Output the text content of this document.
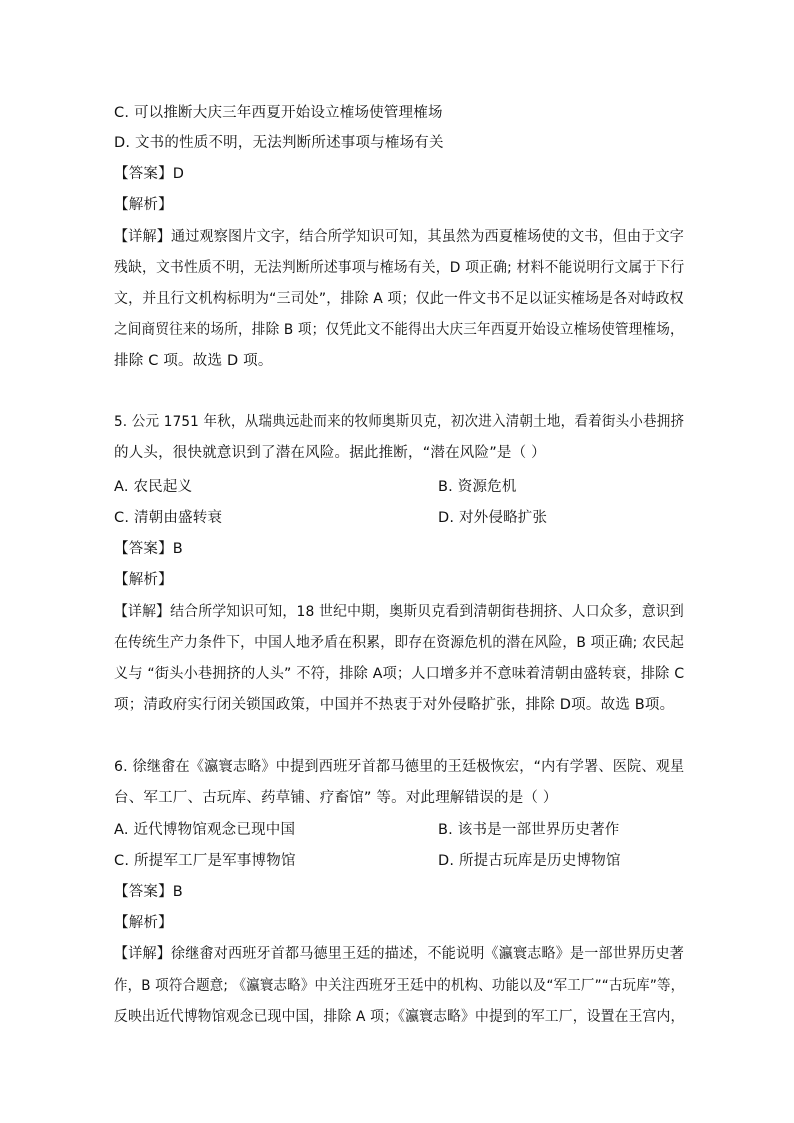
C. 可以推断大庆三年西夏开始设立榷场使管理榷场
D. 文书的性质不明，无法判断所述事项与榷场有关
【答案】D
【解析】
【详解】通过观察图片文字，结合所学知识可知，其虽然为西夏榷场使的文书，但由于文字
残缺，文书性质不明，无法判断所述事项与榷场有关，D 项正确; 材料不能说明行文属于下行
文，并且行文机构标明为“三司处”，排除 A 项；仅此一件文书不足以证实榷场是各对峙政权
之间商贸往来的场所，排除 B 项；仅凭此文不能得出大庆三年西夏开始设立榷场使管理榷场，
排除 C 项。故选 D 项。
5. 公元 1751 年秋，从瑞典远赴而来的牧师奥斯贝克，初次进入清朝土地，看着街头小巷拥挤
的人头，很快就意识到了潜在风险。据此推断，“潜在风险”是（ ）
A. 农民起义	B. 资源危机
C. 清朝由盛转衰	D. 对外侵略扩张
【答案】B
【解析】
【详解】结合所学知识可知，18 世纪中期，奥斯贝克看到清朝街巷拥挤、人口众多，意识到
在传统生产力条件下，中国人地矛盾在积累，即存在资源危机的潜在风险，B 项正确; 农民起
义与 “街头小巷拥挤的人头” 不符，排除 A项；人口增多并不意味着清朝由盛转衰，排除 C
项；清政府实行闭关锁国政策，中国并不热衷于对外侵略扩张，排除 D项。故选 B项。
6. 徐继畬在《瀛寰志略》中提到西班牙首都马德里的王廷极恢宏，“内有学署、医院、观星
台、军工厂、古玩库、药草铺、疗畜馆” 等。对此理解错误的是（ ）
A. 近代博物馆观念已现中国	B. 该书是一部世界历史著作
C. 所提军工厂是军事博物馆	D. 所提古玩库是历史博物馆
【答案】B
【解析】
【详解】徐继畬对西班牙首都马德里王廷的描述，不能说明《瀛寰志略》是一部世界历史著
作，B 项符合题意; 《瀛寰志略》中关注西班牙王廷中的机构、功能以及“军工厂”“古玩库”等，
反映出近代博物馆观念已现中国，排除 A 项；《瀛寰志略》中提到的军工厂，设置在王宫内，
